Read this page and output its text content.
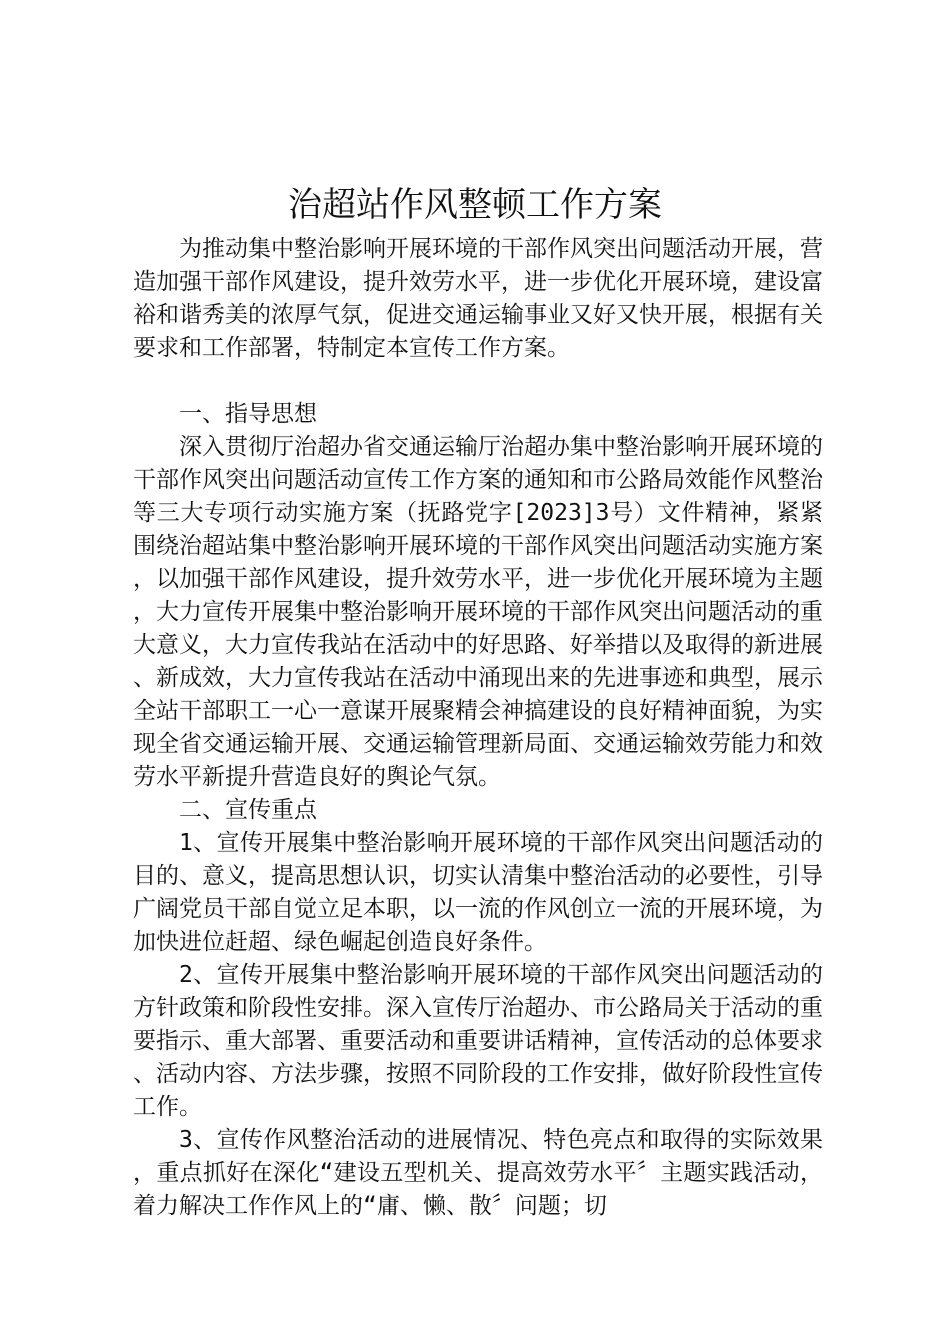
治超站作风整顿工作方案

为推动集中整治影响开展环境的干部作风突出问题活动开展，营造加强干部作风建设，提升效劳水平，进一步优化开展环境，建设富裕和谐秀美的浓厚气氛，促进交通运输事业又好又快开展，根据有关要求和工作部署，特制定本宣传工作方案。

一、指导思想

深入贯彻厅治超办省交通运输厅治超办集中整治影响开展环境的干部作风突出问题活动宣传工作方案的通知和市公路局效能作风整治等三大专项行动实施方案（抚路党字[2023]3号）文件精神，紧紧围绕治超站集中整治影响开展环境的干部作风突出问题活动实施方案，以加强干部作风建设，提升效劳水平，进一步优化开展环境为主题，大力宣传开展集中整治影响开展环境的干部作风突出问题活动的重大意义，大力宣传我站在活动中的好思路、好举措以及取得的新进展、新成效，大力宣传我站在活动中涌现出来的先进事迹和典型，展示全站干部职工一心一意谋开展聚精会神搞建设的良好精神面貌，为实现全省交通运输开展、交通运输管理新局面、交通运输效劳能力和效劳水平新提升营造良好的舆论气氛。

二、宣传重点

1、宣传开展集中整治影响开展环境的干部作风突出问题活动的目的、意义，提高思想认识，切实认清集中整治活动的必要性，引导广阔党员干部自觉立足本职，以一流的作风创立一流的开展环境，为加快进位赶超、绿色崛起创造良好条件。

2、宣传开展集中整治影响开展环境的干部作风突出问题活动的方针政策和阶段性安排。深入宣传厅治超办、市公路局关于活动的重要指示、重大部署、重要活动和重要讲话精神，宣传活动的总体要求、活动内容、方法步骤，按照不同阶段的工作安排，做好阶段性宣传工作。

3、宣传作风整治活动的进展情况、特色亮点和取得的实际效果，重点抓好在深化“建设五型机关、提高效劳水平〞主题实践活动，着力解决工作作风上的“庸、懒、散〞问题；切
